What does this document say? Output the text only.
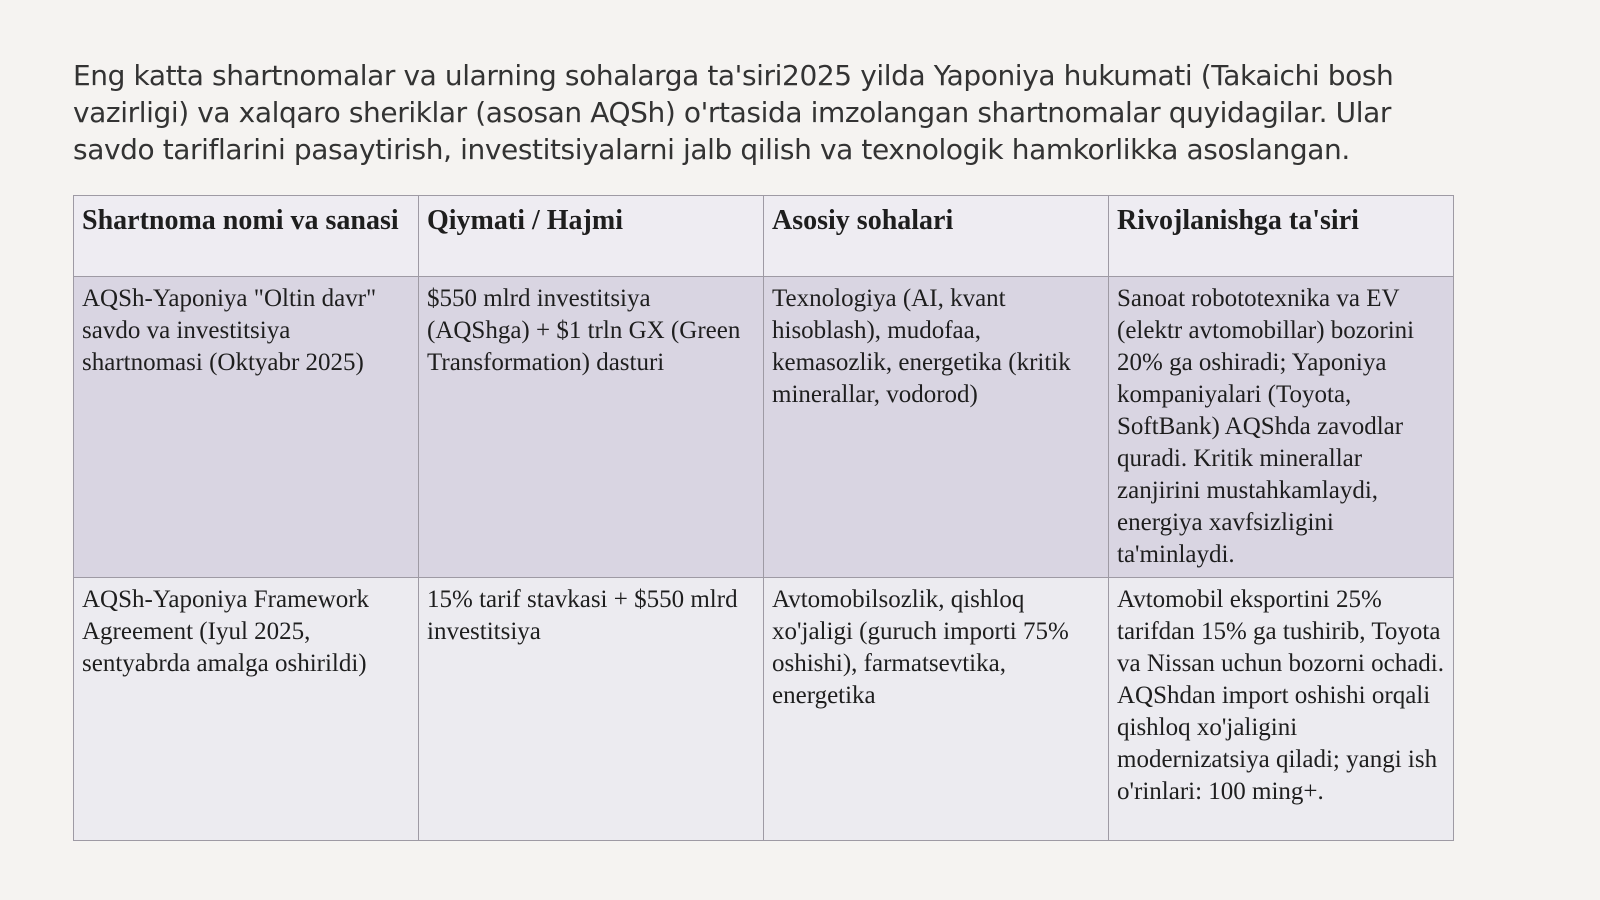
Eng katta shartnomalar va ularning sohalarga ta'siri2025 yilda Yaponiya hukumati (Takaichi bosh vazirligi) va xalqaro sheriklar (asosan AQSh) o'rtasida imzolangan shartnomalar quyidagilar. Ular savdo tariflarini pasaytirish, investitsiyalarni jalb qilish va texnologik hamkorlikka asoslangan.

Shartnoma nomi va sanasi	Qiymati / Hajmi	Asosiy sohalari	Rivojlanishga ta'siri
AQSh-Yaponiya "Oltin davr" savdo va investitsiya shartnomasi (Oktyabr 2025)	$550 mlrd investitsiya (AQShga) + $1 trln GX (Green Transformation) dasturi	Texnologiya (AI, kvant hisoblash), mudofaa, kemasozlik, energetika (kritik minerallar, vodorod)	Sanoat robototexnika va EV (elektr avtomobillar) bozorini 20% ga oshiradi; Yaponiya kompaniyalari (Toyota, SoftBank) AQShda zavodlar quradi. Kritik minerallar zanjirini mustahkamlaydi, energiya xavfsizligini ta'minlaydi.
AQSh-Yaponiya Framework Agreement (Iyul 2025, sentyabrda amalga oshirildi)	15% tarif stavkasi + $550 mlrd investitsiya	Avtomobilsozlik, qishloq xo'jaligi (guruch importi 75% oshishi), farmatsevtika, energetika	Avtomobil eksportini 25% tarifdan 15% ga tushirib, Toyota va Nissan uchun bozorni ochadi. AQShdan import oshishi orqali qishloq xo'jaligini modernizatsiya qiladi; yangi ish o'rinlari: 100 ming+.
